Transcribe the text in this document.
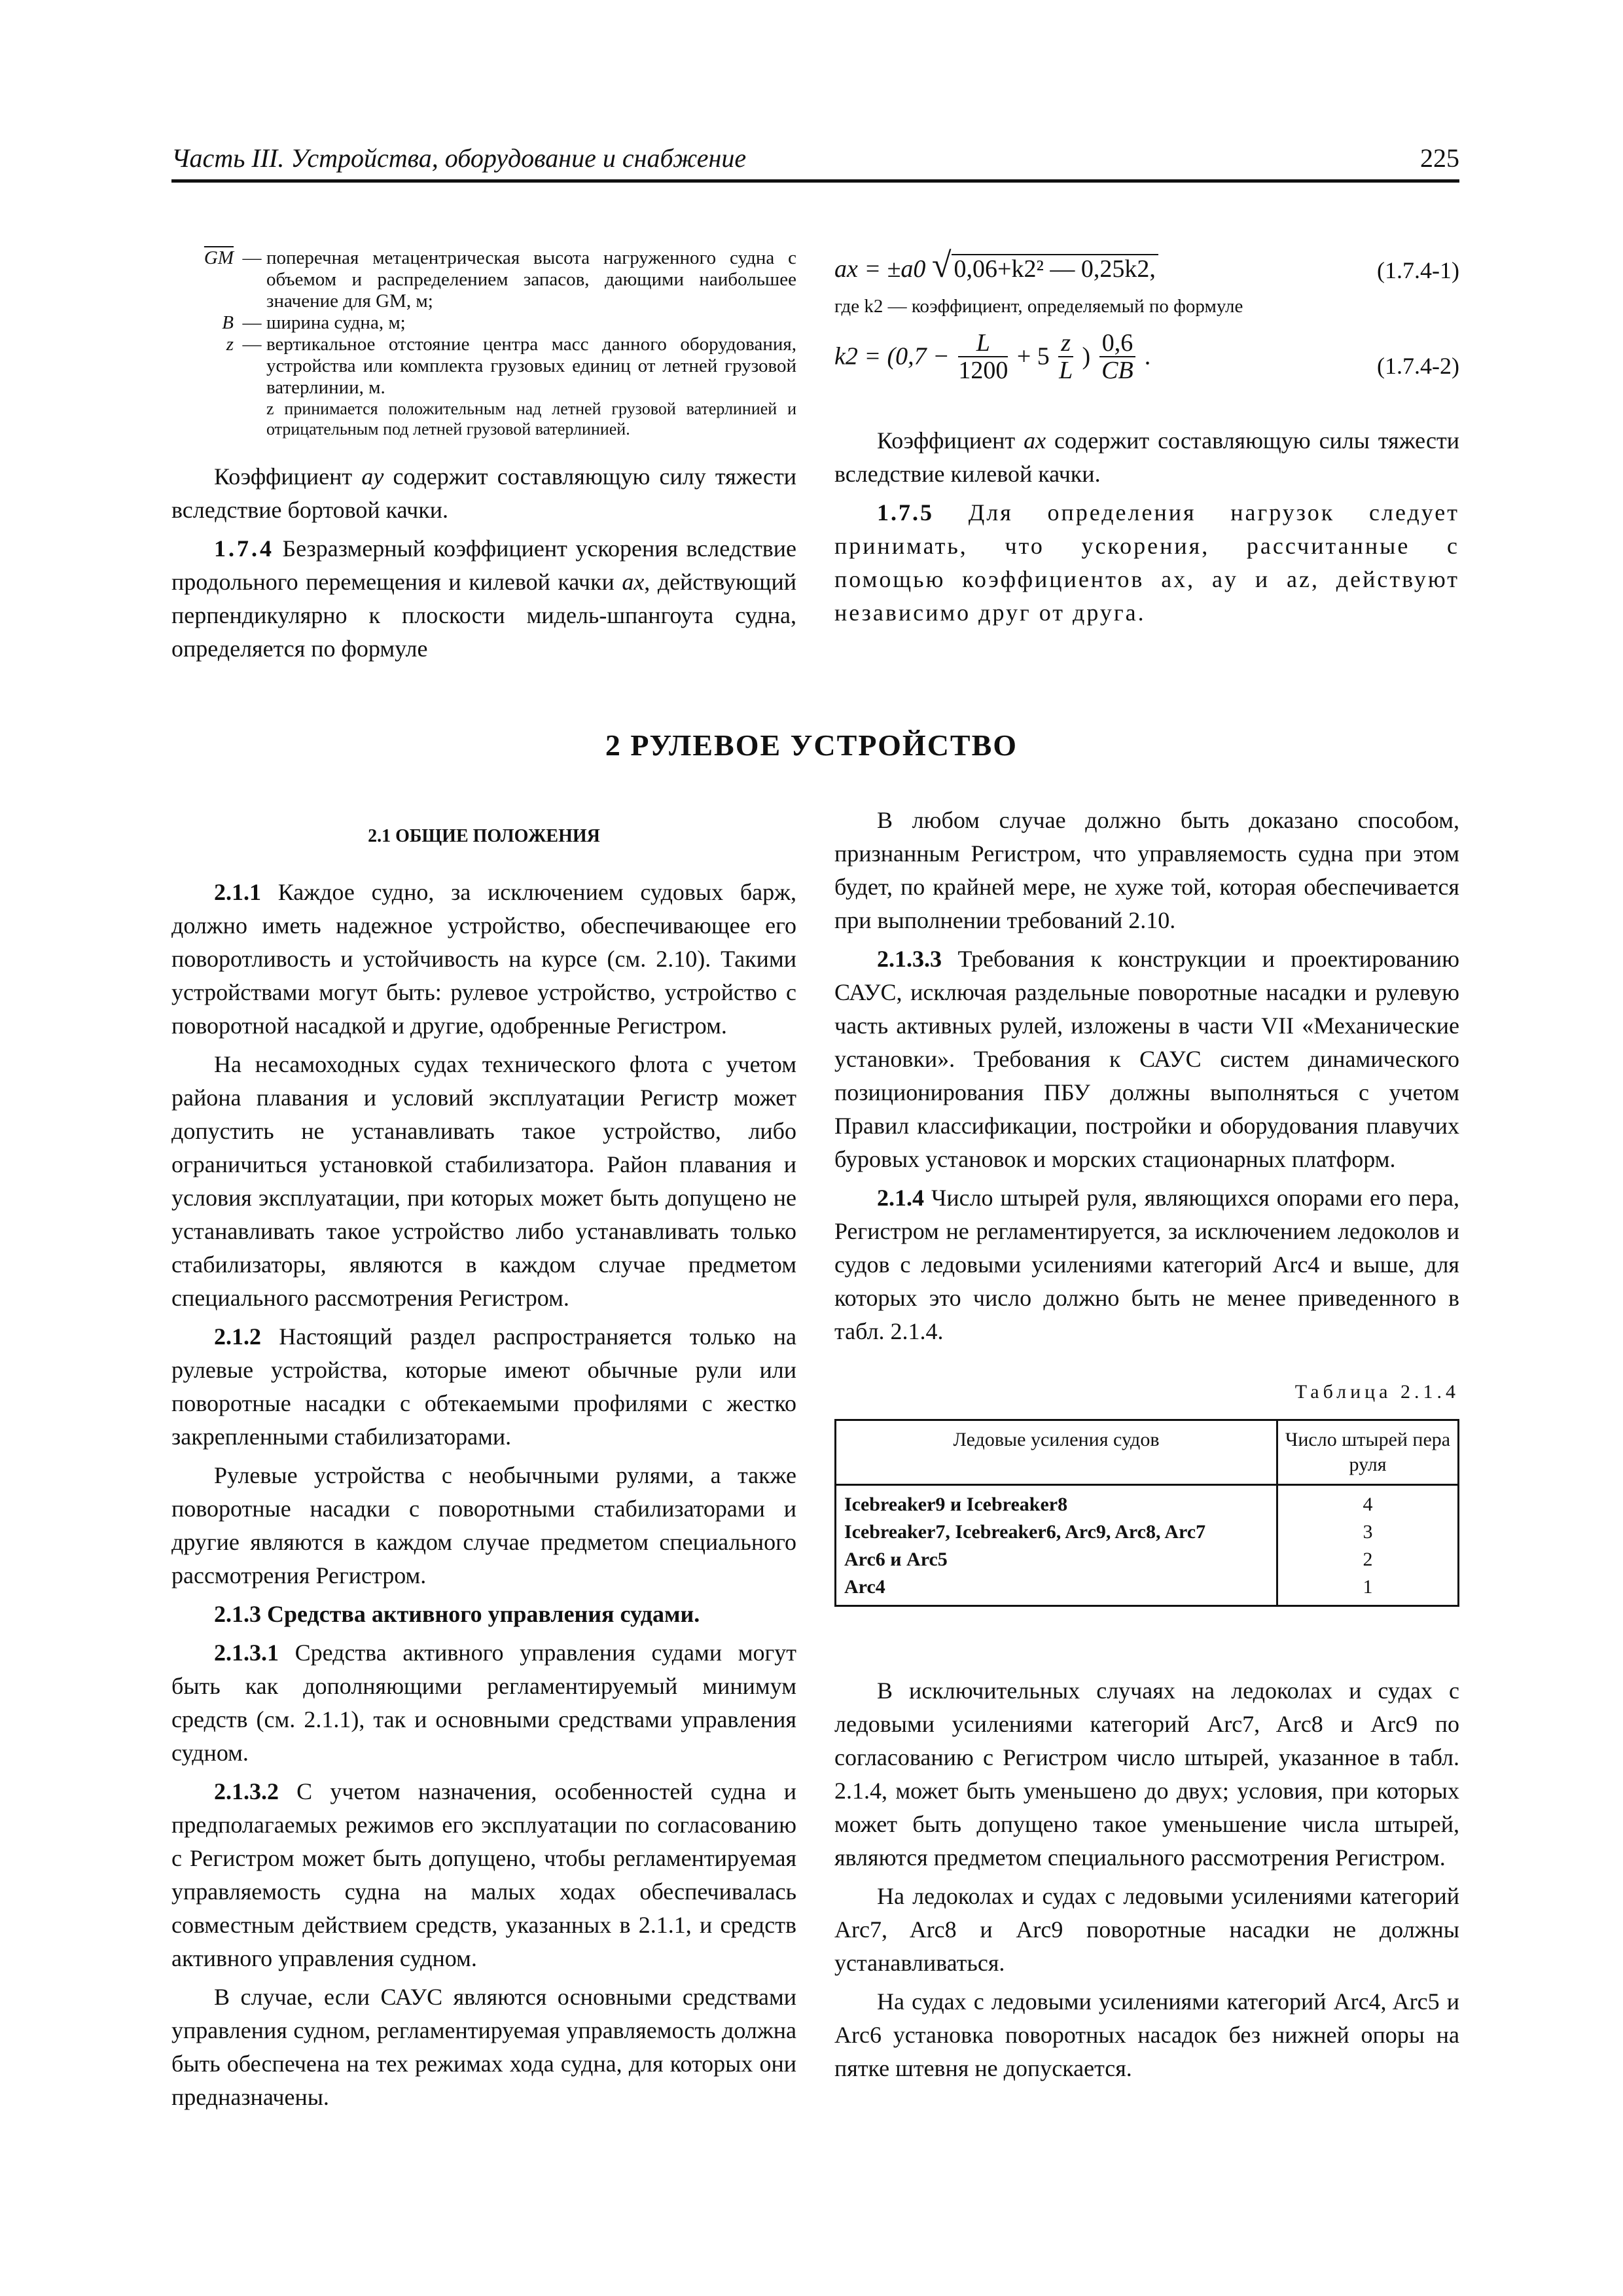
Часть III. Устройства, оборудование и снабжение	225
$\overline{GM}$ — поперечная метацентрическая высота нагруженного судна с объемом и распределением запасов, дающими наибольшее значение для GM, м;
B — ширина судна, м;
z — вертикальное отстояние центра масс данного оборудования, устройства или комплекта грузовых единиц от летней грузовой ватерлинии, м.
z принимается положительным над летней грузовой ватерлинией и отрицательным под летней грузовой ватерлинией.

Коэффициент ay содержит составляющую силу тяжести вследствие бортовой качки.

1.7.4 Безразмерный коэффициент ускорения вследствие продольного перемещения и килевой качки ax, действующий перпендикулярно к плоскости мидель-шпангоута судна, определяется по формуле

ax = ±a0 √ 0,06+k2² — 0,25k2,	(1.7.4-1)
где k2 — коэффициент, определяемый по формуле
$k2 = (0,7 - \frac{L}{1200} + 5 \frac{z}{L}$ ) $\frac{0,6}{CB}$ .	(1.7.4-2)

Коэффициент ax содержит составляющую силы тяжести вследствие килевой качки.

1.7.5 Для определения нагрузок следует принимать, что ускорения, рассчитанные с помощью коэффициентов ax, ay и az, действуют независимо друг от друга.

2 РУЛЕВОЕ УСТРОЙСТВО
2.1 ОБЩИЕ ПОЛОЖЕНИЯ

2.1.1 Каждое судно, за исключением судовых барж, должно иметь надежное устройство, обеспечивающее его поворотливость и устойчивость на курсе (см. 2.10). Такими устройствами могут быть: рулевое устройство, устройство с поворотной насадкой и другие, одобренные Регистром.

На несамоходных судах технического флота с учетом района плавания и условий эксплуатации Регистр может допустить не устанавливать такое устройство, либо ограничиться установкой стабилизатора. Район плавания и условия эксплуатации, при которых может быть допущено не устанавливать такое устройство либо устанавливать только стабилизаторы, являются в каждом случае предметом специального рассмотрения Регистром.

2.1.2 Настоящий раздел распространяется только на рулевые устройства, которые имеют обычные рули или поворотные насадки с обтекаемыми профилями с жестко закрепленными стабилизаторами.

Рулевые устройства с необычными рулями, а также поворотные насадки с поворотными стабилизаторами и другие являются в каждом случае предметом специального рассмотрения Регистром.

2.1.3 Средства активного управления судами.

2.1.3.1 Средства активного управления судами могут быть как дополняющими регламентируемый минимум средств (см. 2.1.1), так и основными средствами управления судном.

2.1.3.2 С учетом назначения, особенностей судна и предполагаемых режимов его эксплуатации по согласованию с Регистром может быть допущено, чтобы регламентируемая управляемость судна на малых ходах обеспечивалась совместным действием средств, указанных в 2.1.1, и средств активного управления судном.

В случае, если САУС являются основными средствами управления судном, регламентируемая управляемость должна быть обеспечена на тех режимах хода судна, для которых они предназначены.

В любом случае должно быть доказано способом, признанным Регистром, что управляемость судна при этом будет, по крайней мере, не хуже той, которая обеспечивается при выполнении требований 2.10.

2.1.3.3 Требования к конструкции и проектированию САУС, исключая раздельные поворотные насадки и рулевую часть активных рулей, изложены в части VII «Механические установки». Требования к САУС систем динамического позиционирования ПБУ должны выполняться с учетом Правил классификации, постройки и оборудования плавучих буровых установок и морских стационарных платформ.

2.1.4 Число штырей руля, являющихся опорами его пера, Регистром не регламентируется, за исключением ледоколов и судов с ледовыми усилениями категорий Arc4 и выше, для которых это число должно быть не менее приведенного в табл. 2.1.4.

Таблица 2.1.4
Ледовые усиления судов	Число штырей пера руля
Icebreaker9 и Icebreaker8	4
Icebreaker7, Icebreaker6, Arc9, Arc8, Arc7	3
Arc6 и Arc5	2
Arc4	1

В исключительных случаях на ледоколах и судах с ледовыми усилениями категорий Arc7, Arc8 и Arc9 по согласованию с Регистром число штырей, указанное в табл. 2.1.4, может быть уменьшено до двух; условия, при которых может быть допущено такое уменьшение числа штырей, являются предметом специального рассмотрения Регистром.

На ледоколах и судах с ледовыми усилениями категорий Arc7, Arc8 и Arc9 поворотные насадки не должны устанавливаться.

На судах с ледовыми усилениями категорий Arc4, Arc5 и Arc6 установка поворотных насадок без нижней опоры на пятке штевня не допускается.
